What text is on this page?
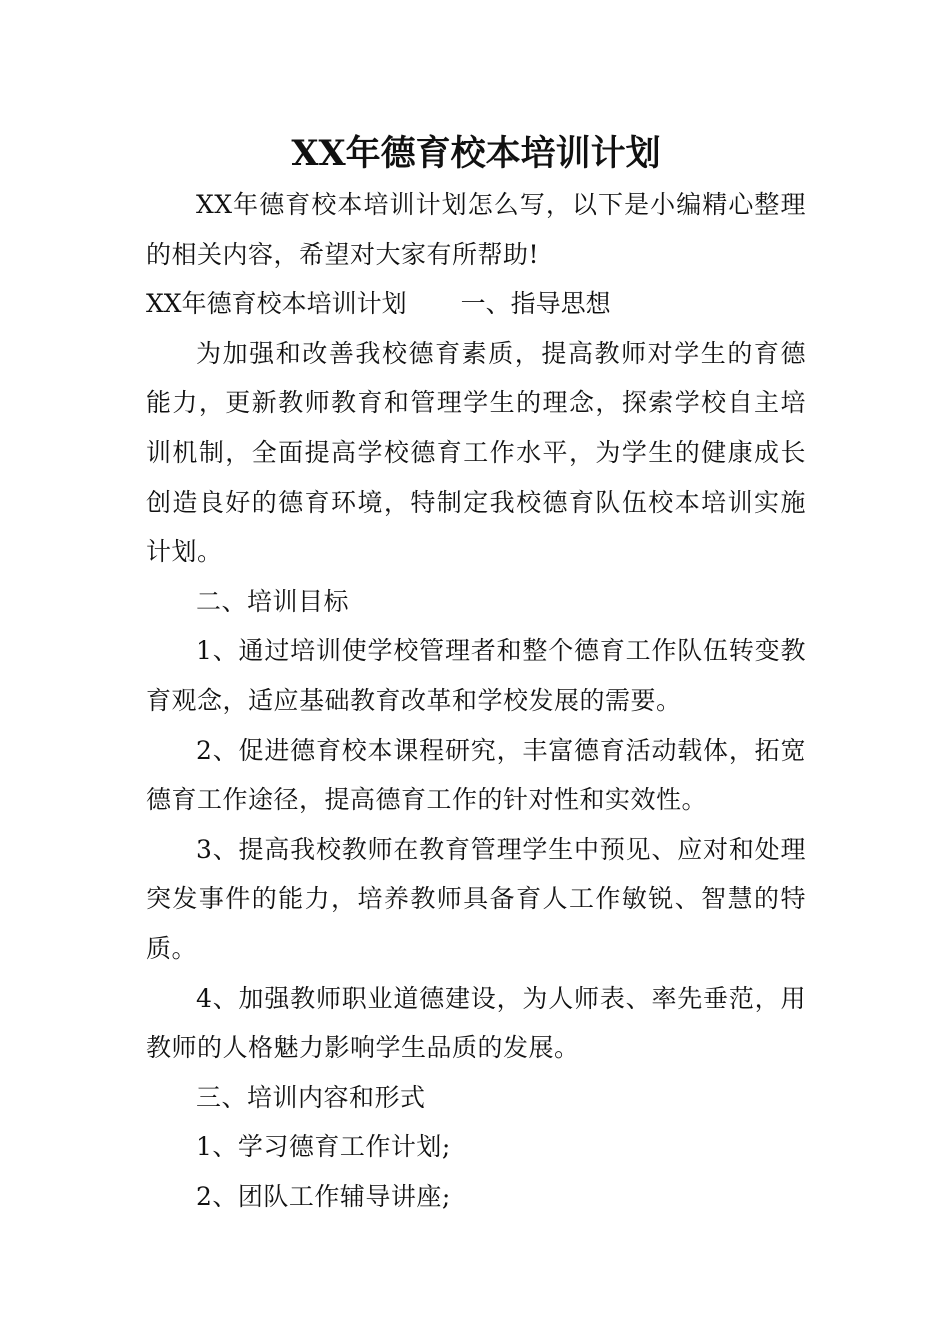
XX年德育校本培训计划

XX年德育校本培训计划怎么写，以下是小编精心整理的相关内容，希望对大家有所帮助!

XX年德育校本培训计划 一、指导思想

为加强和改善我校德育素质，提高教师对学生的育德能力，更新教师教育和管理学生的理念，探索学校自主培训机制，全面提高学校德育工作水平，为学生的健康成长创造良好的德育环境，特制定我校德育队伍校本培训实施计划。

二、培训目标

1、通过培训使学校管理者和整个德育工作队伍转变教育观念，适应基础教育改革和学校发展的需要。

2、促进德育校本课程研究，丰富德育活动载体，拓宽德育工作途径，提高德育工作的针对性和实效性。

3、提高我校教师在教育管理学生中预见、应对和处理突发事件的能力，培养教师具备育人工作敏锐、智慧的特质。

4、加强教师职业道德建设，为人师表、率先垂范，用教师的人格魅力影响学生品质的发展。

三、培训内容和形式

1、学习德育工作计划;

2、团队工作辅导讲座;
